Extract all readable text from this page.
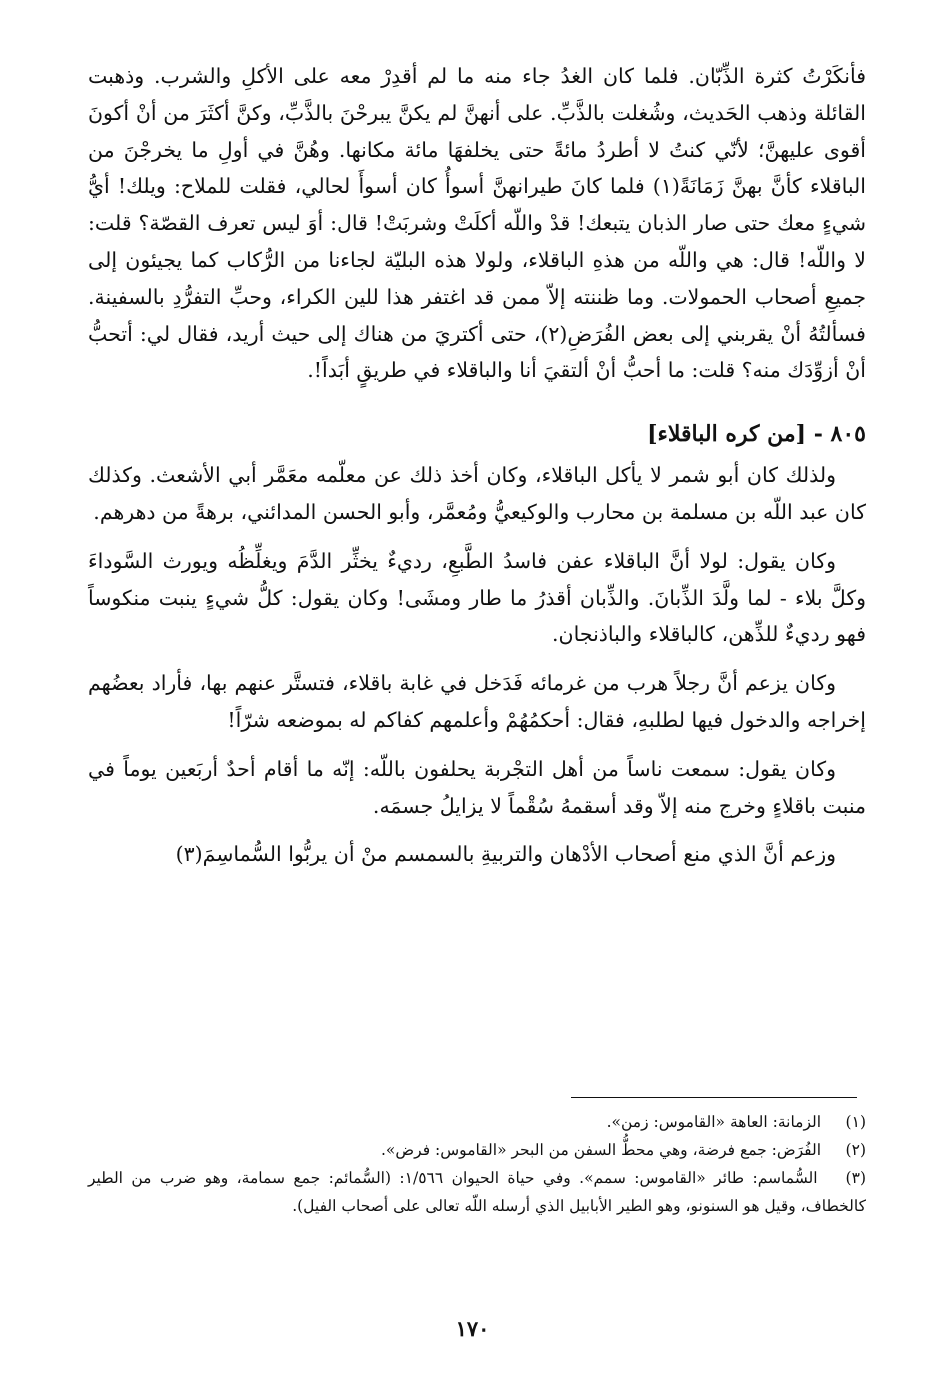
فأنكَرْتُ كثرة الذِّبّان. فلما كان الغدُ جاء منه ما لم أقدِرْ معه على الأكلِ والشرب. وذهبت القائلة وذهب الحَديث، وشُغلت بالذَّبِّ. على أنهنَّ لم يكنَّ يبرحْنَ بالذَّبِّ، وكنَّ أكثَرَ من أنْ أكونَ أقوى عليهنَّ؛ لأنّي كنتُ لا أطردُ مائةً حتى يخلفهَا مائة مكانها. وهُنَّ في أولِ ما يخرجْنَ من الباقلاء كأنَّ بهنَّ زَمَانَةً(١) فلما كانَ طيرانهنَّ أسوأُ كان أسوأَ لحالي، فقلت للملاح: ويلك! أيُّ شيءٍ معك حتى صار الذبان يتبعك! قدْ واللّه أكلَتْ وشربَتْ! قال: أوَ ليس تعرف القصّة؟ قلت: لا واللّه! قال: هي واللّه من هذهِ الباقلاء، ولولا هذه البليّة لجاءنا من الرُّكاب كما يجيئون إلى جميعِ أصحاب الحمولات. وما ظننته إلاّ ممن قد اغتفر هذا للين الكراء، وحبِّ التفرُّدِ بالسفينة. فسألتُهُ أنْ يقربني إلى بعض الفُرَضِ(٢)، حتى أكتريَ من هناك إلى حيث أريد، فقال لي: أتحبُّ أنْ أزوِّدَك منه؟ قلت: ما أحبُّ أنْ ألتقيَ أنا والباقلاء في طريقٍ أبَداً!.

٨٠٥ - [من كره الباقلاء]

ولذلك كان أبو شمر لا يأكل الباقلاء، وكان أخذ ذلك عن معلّمه معَمَّر أبي الأشعث. وكذلك كان عبد اللّه بن مسلمة بن محارب والوكيعيُّ ومُعمَّر، وأبو الحسن المدائني، برهةً من دهرهم.

وكان يقول: لولا أنَّ الباقلاء عفن فاسدُ الطَّبعِ، رديءٌ يخثِّر الدَّمَ ويغلِّظُه ويورث السَّوداءَ وكلَّ بلاء - لما ولَّدَ الذِّبانَ. والذِّبان أقذرُ ما طار ومشَى! وكان يقول: كلُّ شيءٍ ينبت منكوساً فهو رديءٌ للذِّهن، كالباقلاء والباذنجان.

وكان يزعم أنَّ رجلاً هرب من غرمائه فَدَخل في غابة باقلاء، فتستَّر عنهم بها، فأراد بعضُهم إخراجه والدخول فيها لطلبهِ، فقال: أحكمُهُمْ وأعلمهم كفاكم له بموضعه شرّاً!

وكان يقول: سمعت ناساً من أهل التجْربة يحلفون باللّه: إنّه ما أقام أحدٌ أربَعين يوماً في منبت باقلاءٍ وخرج منه إلاّ وقد أسقمهُ سُقْماً لا يزايلُ جسمَه.

وزعم أنَّ الذي منع أصحاب الأدْهان والتربيةِ بالسمسم منْ أن يربُّوا السُّماسِمَ(٣)

(١) الزمانة: العاهة «القاموس: زمن».

(٢) الفُرَض: جمع فرضة، وهي محطُّ السفن من البحر «القاموس: فرض».

(٣) السُّماسم: طائر «القاموس: سمم». وفي حياة الحيوان ١/٥٦٦: (السُّمائم: جمع سمامة، وهو ضرب من الطير كالخطاف، وقيل هو السنونو، وهو الطير الأبابيل الذي أرسله اللّه تعالى على أصحاب الفيل).

١٧٠
